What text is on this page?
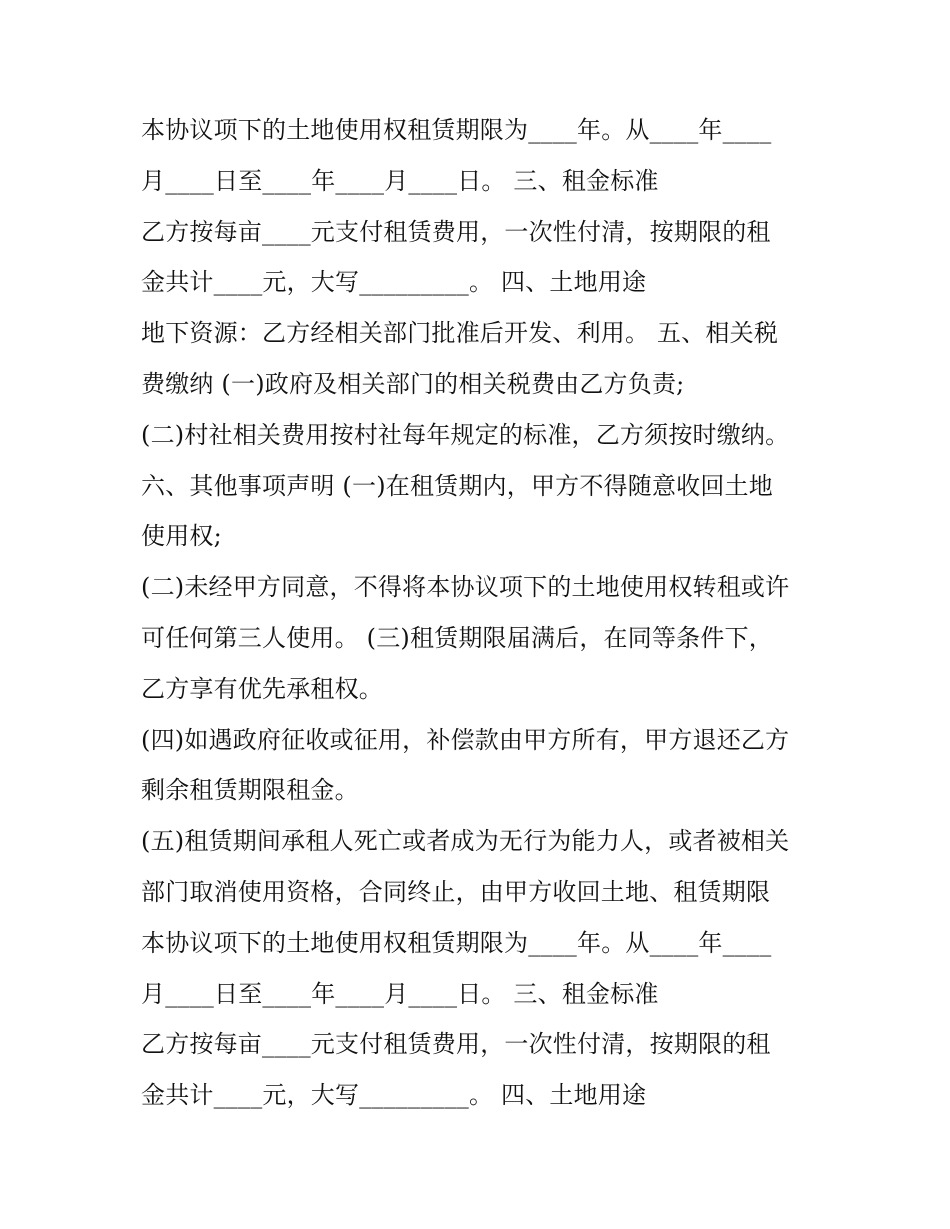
本协议项下的土地使用权租赁期限为____年。从____年____
月____日至____年____月____日。 三、租金标准
乙方按每亩____元支付租赁费用，一次性付清，按期限的租
金共计____元，大写_________。 四、土地用途
地下资源：乙方经相关部门批准后开发、利用。 五、相关税
费缴纳 (一)政府及相关部门的相关税费由乙方负责;
(二)村社相关费用按村社每年规定的标准，乙方须按时缴纳。
六、其他事项声明 (一)在租赁期内，甲方不得随意收回土地
使用权;
(二)未经甲方同意，不得将本协议项下的土地使用权转租或许
可任何第三人使用。 (三)租赁期限届满后，在同等条件下，
乙方享有优先承租权。
(四)如遇政府征收或征用，补偿款由甲方所有，甲方退还乙方
剩余租赁期限租金。
(五)租赁期间承租人死亡或者成为无行为能力人，或者被相关
部门取消使用资格，合同终止，由甲方收回土地、租赁期限
本协议项下的土地使用权租赁期限为____年。从____年____
月____日至____年____月____日。 三、租金标准
乙方按每亩____元支付租赁费用，一次性付清，按期限的租
金共计____元，大写_________。 四、土地用途
